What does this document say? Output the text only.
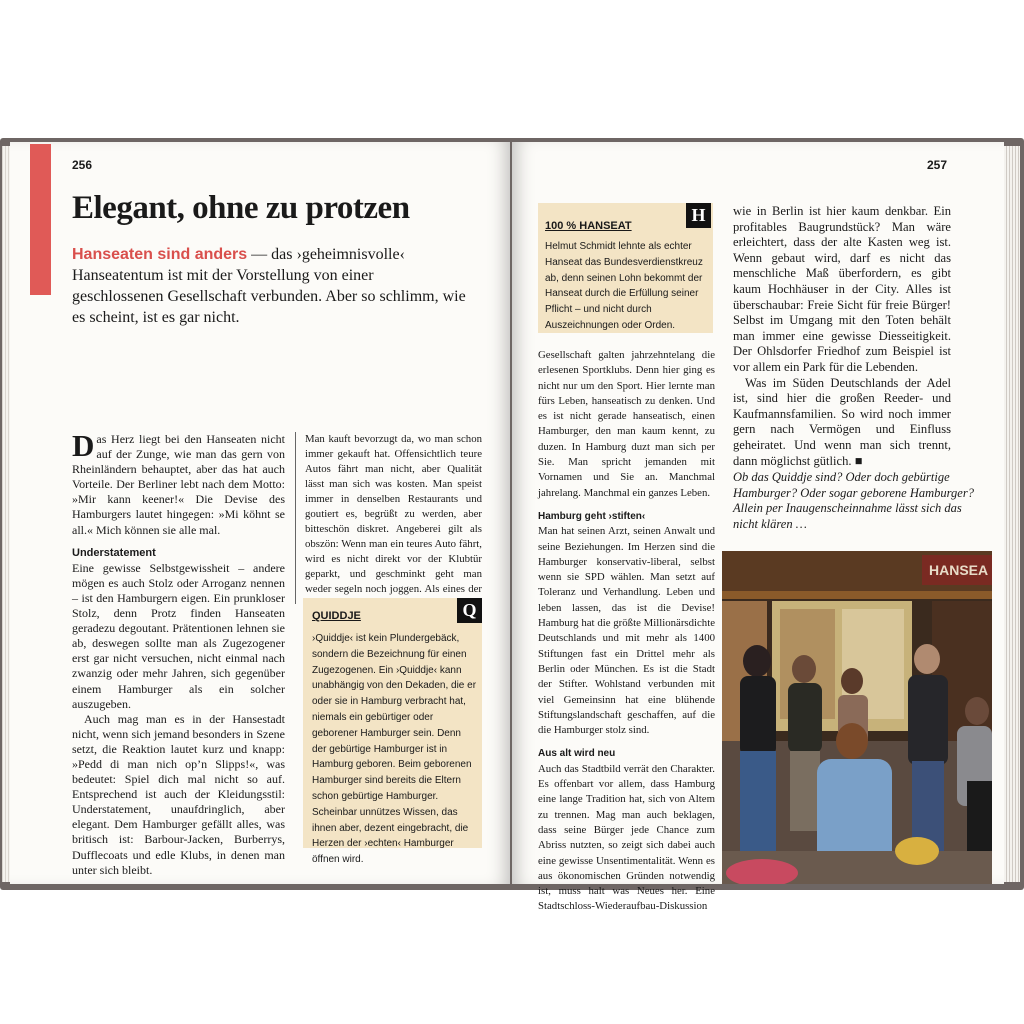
256
Elegant, ohne zu protzen
Hanseaten sind anders — das ›geheimnisvolle‹ Hanseatentum ist mit der Vorstellung von einer geschlossenen Gesellschaft verbunden. Aber so schlimm, wie es scheint, ist es gar nicht.

Das Herz liegt bei den Hanseaten nicht auf der Zunge, wie man das gern von Rheinländern behauptet, aber das hat auch Vorteile. Der Berliner lebt nach dem Motto: »Mir kann keener!« Die Devise des Hamburgers lautet hingegen: »Mi köhnt se all.« Mich können sie alle mal.

Understatement

Eine gewisse Selbstgewissheit – andere mögen es auch Stolz oder Arroganz nennen – ist den Hamburgern eigen. Ein prunkloser Stolz, denn Protz finden Hanseaten geradezu degoutant. Prätentionen lehnen sie ab, deswegen sollte man als Zugezogener erst gar nicht versuchen, nicht einmal nach zwanzig oder mehr Jahren, sich gegenüber einem Hamburger als ein solcher auszugeben.

Auch mag man es in der Hansestadt nicht, wenn sich jemand besonders in Szene setzt, die Reaktion lautet kurz und knapp: »Pedd di man nich op’n Slipps!«, was bedeutet: Spiel dich mal nicht so auf. Entsprechend ist auch der Kleidungsstil: Understatement, unaufdringlich, aber elegant. Dem Hamburger gefällt alles, was britisch ist: Barbour-Jacken, Burberrys, Dufflecoats und edle Klubs, in denen man unter sich bleibt.

Man kauft bevorzugt da, wo man schon immer gekauft hat. Offensichtlich teure Autos fährt man nicht, aber Qualität lässt man sich was kosten. Man speist immer in denselben Restaurants und goutiert es, begrüßt zu werden, aber bitteschön diskret. Angeberei gilt als obszön: Wenn man ein teures Auto fährt, wird es nicht direkt vor der Klubtür geparkt, und geschminkt geht man weder segeln noch joggen. Als eines der

Q

QUIDDJE

›Quiddje‹ ist kein Plundergebäck, sondern die Bezeichnung für einen Zugezogenen. Ein ›Quiddje‹ kann unabhängig von den Dekaden, die er oder sie in Hamburg verbracht hat, niemals ein gebürtiger oder geborener Hamburger sein. Denn der gebürtige Hamburger ist in Hamburg geboren. Beim geborenen Hamburger sind bereits die Eltern schon gebürtige Hamburger. Scheinbar unnützes Wissen, das ihnen aber, dezent eingebracht, die Herzen der ›echten‹ Hamburger öffnen wird.

257
H

100 % HANSEAT

Helmut Schmidt lehnte als echter Hanseat das Bundesverdienstkreuz ab, denn seinen Lohn bekommt der Hanseat durch die Erfüllung seiner Pflicht – und nicht durch Auszeichnungen oder Orden.

Gesellschaft galten jahrzehntelang die erlesenen Sportklubs. Denn hier ging es nicht nur um den Sport. Hier lernte man fürs Leben, hanseatisch zu denken. Und es ist nicht gerade hanseatisch, einen Hamburger, den man kaum kennt, zu duzen. In Hamburg duzt man sich per Sie. Man spricht jemanden mit Vornamen und Sie an. Manchmal jahrelang. Manchmal ein ganzes Leben.

Hamburg geht ›stiften‹

Man hat seinen Arzt, seinen Anwalt und seine Beziehungen. Im Herzen sind die Hamburger konservativ-liberal, selbst wenn sie SPD wählen. Man setzt auf Toleranz und Verhandlung. Leben und leben lassen, das ist die Devise! Hamburg hat die größte Millionärsdichte Deutschlands und mit mehr als 1400 Stiftungen fast ein Drittel mehr als Berlin oder München. Es ist die Stadt der Stifter. Wohlstand verbunden mit viel Gemeinsinn hat eine blühende Stiftungslandschaft geschaffen, auf die die Hamburger stolz sind.

Aus alt wird neu

Auch das Stadtbild verrät den Charakter. Es offenbart vor allem, dass Hamburg eine lange Tradition hat, sich von Altem zu trennen. Mag man auch beklagen, dass seine Bürger jede Chance zum Abriss nutzten, so zeigt sich dabei auch eine gewisse Unsentimentalität. Wenn es aus ökonomischen Gründen notwendig ist, muss halt was Neues her. Eine Stadtschloss-Wiederaufbau-Diskussion

wie in Berlin ist hier kaum denkbar. Ein profitables Baugrundstück? Man wäre erleichtert, dass der alte Kasten weg ist. Wenn gebaut wird, darf es nicht das menschliche Maß überfordern, es gibt kaum Hochhäuser in der City. Alles ist überschaubar: Freie Sicht für freie Bürger! Selbst im Umgang mit den Toten behält man immer eine gewisse Diesseitigkeit. Der Ohlsdorfer Friedhof zum Beispiel ist vor allem ein Park für die Lebenden.

Was im Süden Deutschlands der Adel ist, sind hier die großen Reeder- und Kaufmannsfamilien. So wird noch immer gern nach Vermögen und Einfluss geheiratet. Und wenn man sich trennt, dann möglichst gütlich. ■

Ob das Quiddje sind? Oder doch gebürtige Hamburger? Oder sogar geborene Hamburger? Allein per Inaugenscheinnahme lässt sich das nicht klären …
HANSEA
